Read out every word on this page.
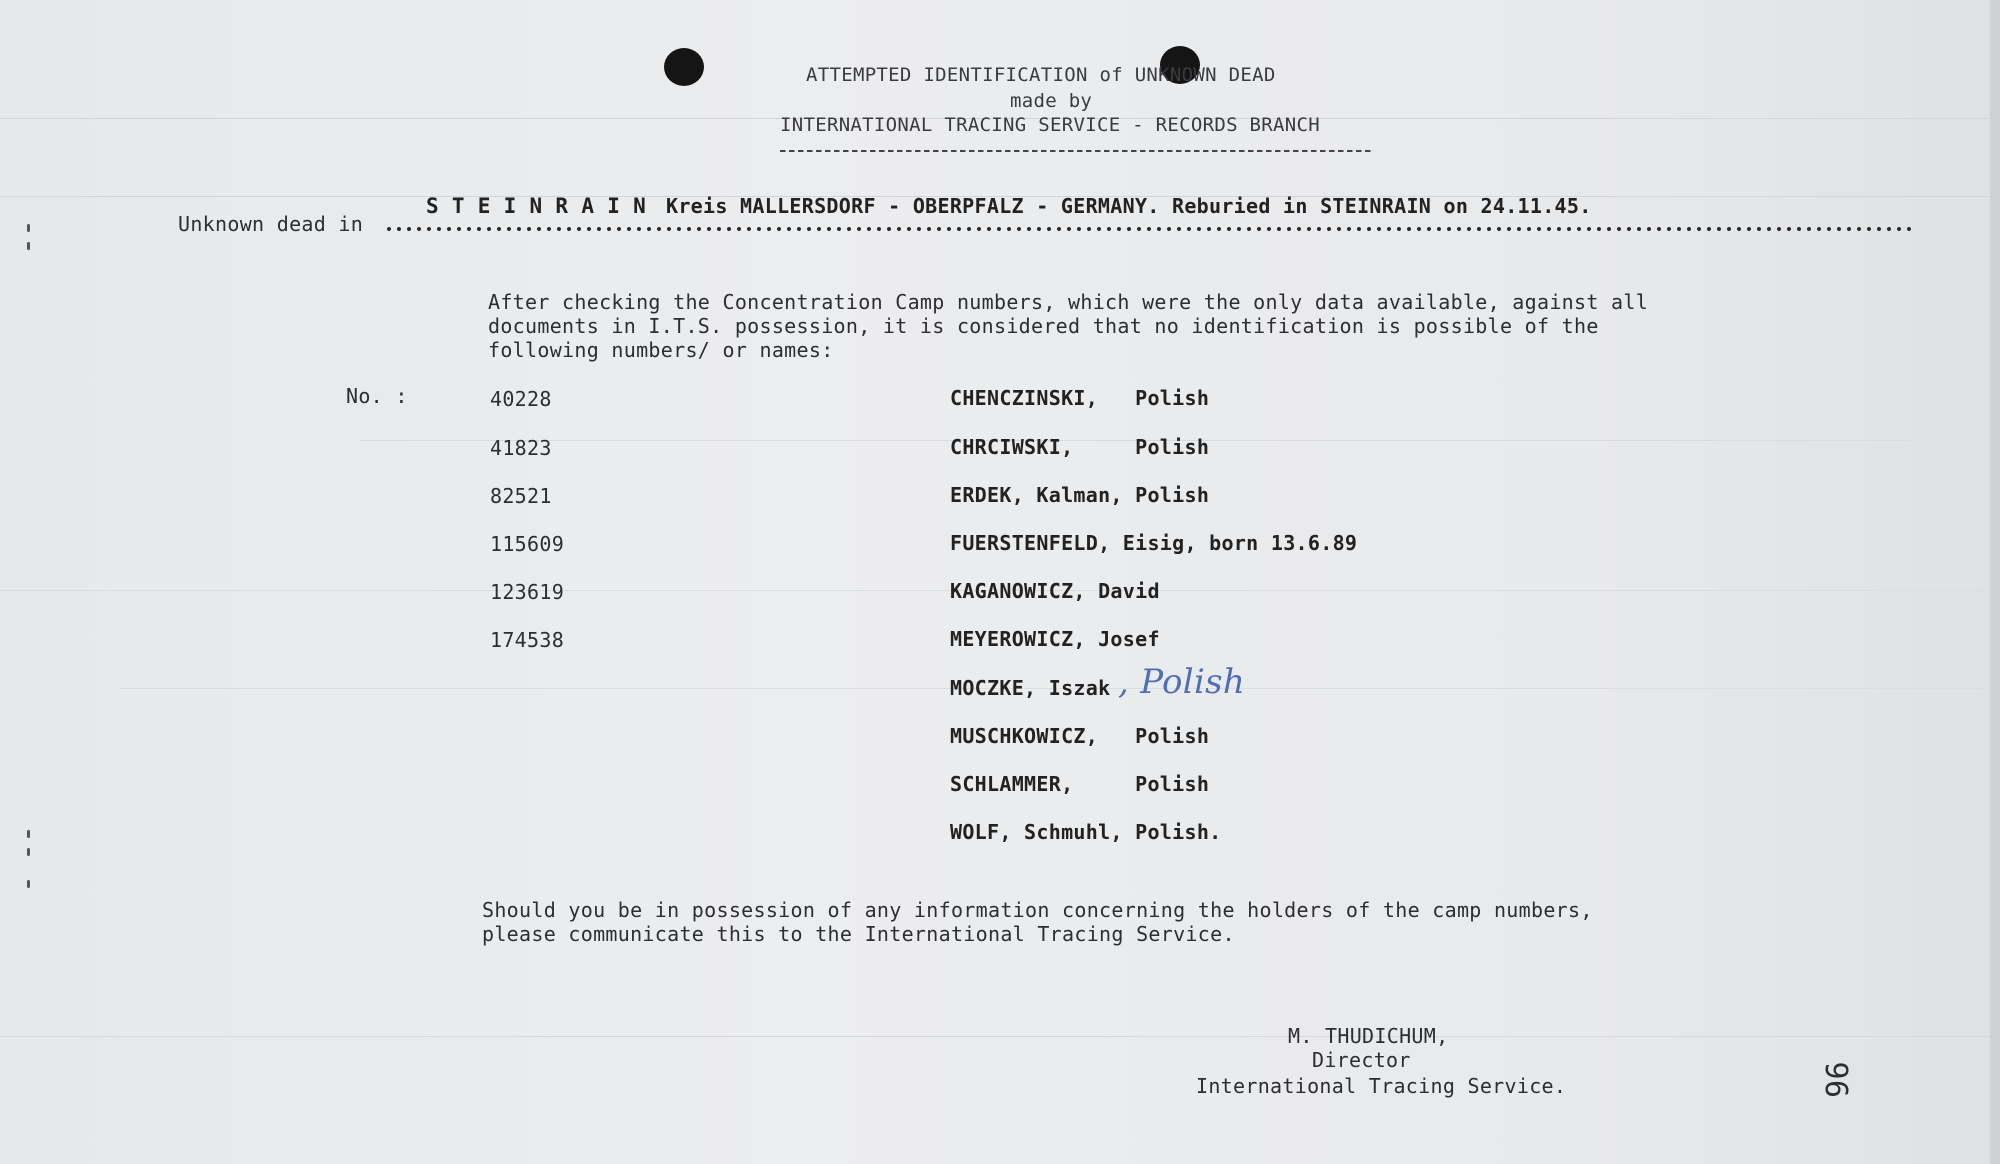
ATTEMPTED IDENTIFICATION of UNKNOWN DEAD
made by
INTERNATIONAL TRACING SERVICE - RECORDS BRANCH
S T E I N R A I N Kreis MALLERSDORF - OBERPFALZ - GERMANY. Reburied in STEINRAIN on 24.11.45.
Unknown dead in
After checking the Concentration Camp numbers, which were the only data available, against all
documents in I.T.S. possession, it is considered that no identification is possible of the
following numbers/ or names:
No. :	40228
41823
82521
115609
123619
174538
CHENCZINSKI,   Polish
CHRCIWSKI,     Polish
ERDEK, Kalman, Polish
FUERSTENFELD, Eisig, born 13.6.89
KAGANOWICZ, David
MEYEROWICZ, Josef
MOCZKE, Iszak , Polish
MUSCHKOWICZ,   Polish
SCHLAMMER,     Polish
WOLF, Schmuhl, Polish.
Should you be in possession of any information concerning the holders of the camp numbers,
please communicate this to the International Tracing Service.
M. THUDICHUM,
Director
International Tracing Service.	96
